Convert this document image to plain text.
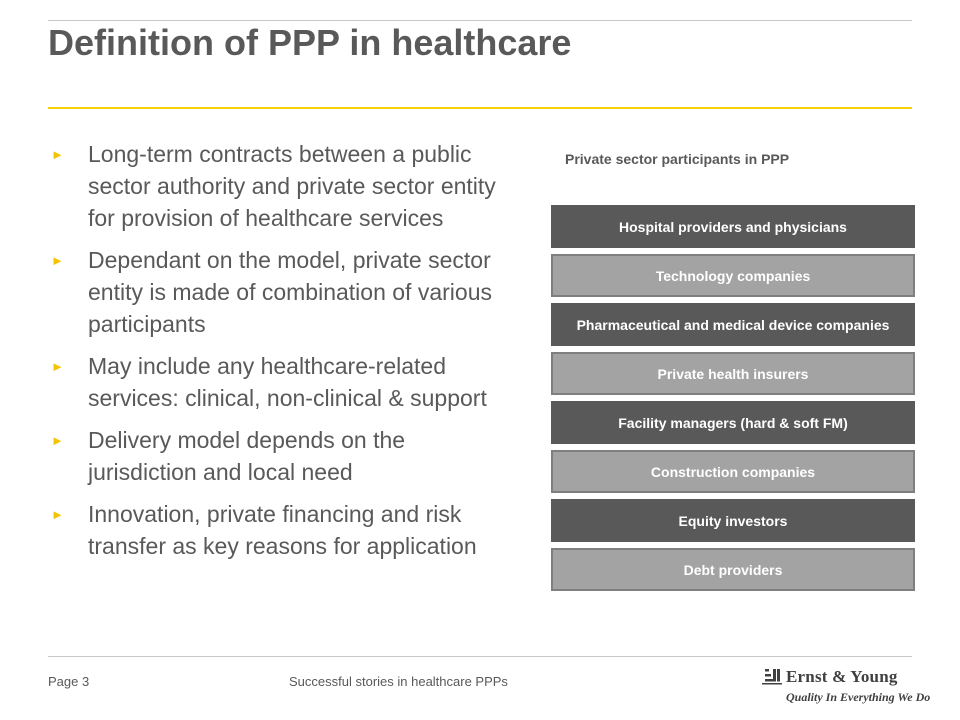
Definition of PPP in healthcare
► Long-term contracts between a public sector authority and private sector entity for provision of healthcare services
► Dependant on the model, private sector entity is made of combination of various participants
► May include any healthcare-related services: clinical, non-clinical & support
► Delivery model depends on the jurisdiction and local need
► Innovation, private financing and risk transfer as key reasons for application
Private sector participants in PPP
Hospital providers and physicians
Technology companies
Pharmaceutical and medical device companies
Private health insurers
Facility managers (hard & soft FM)
Construction companies
Equity investors
Debt providers
Page 3	Successful stories in healthcare PPPs	Ernst & Young
Quality In Everything We Do
